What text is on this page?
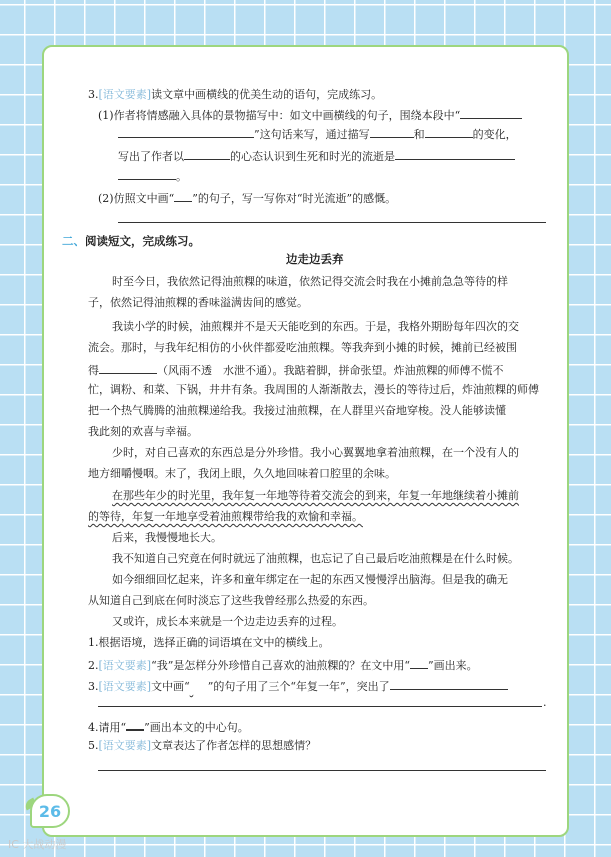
3.[语文要素]读文章中画横线的优美生动的语句，完成练习。
(1)作者将情感融入具体的景物描写中：如文中画横线的句子，围绕本段中“
”这句话来写，通过描写	和	的变化，
写出了作者以	的心态认识到生死和时光的流逝是
。
(2)仿照文中画“ ”的句子，写一写你对“时光流逝”的感慨。
二、阅读短文，完成练习。
边走边丢弃
时至今日，我依然记得油煎粿的味道，依然记得交流会时我在小摊前急急等待的样
子，依然记得油煎粿的香味溢满齿间的感觉。
我读小学的时候，油煎粿并不是天天能吃到的东西。于是，我格外期盼每年四次的交
流会。那时，与我年纪相仿的小伙伴都爱吃油煎粿。等我奔到小摊的时候，摊前已经被围
得	（风雨不透　水泄不通）。我踮着脚，拼命张望。炸油煎粿的师傅不慌不
忙，调粉、和菜、下锅，井井有条。我周围的人渐渐散去，漫长的等待过后，炸油煎粿的师傅
把一个热气腾腾的油煎粿递给我。我接过油煎粿，在人群里兴奋地穿梭。没人能够读懂
我此刻的欢喜与幸福。
少时，对自己喜欢的东西总是分外珍惜。我小心翼翼地拿着油煎粿，在一个没有人的
地方细嚼慢咽。末了，我闭上眼，久久地回味着口腔里的余味。
在那些年少的时光里，我年复一年地等待着交流会的到来，年复一年地继续着小摊前
的等待，年复一年地享受着油煎粿带给我的欢愉和幸福。
后来，我慢慢地长大。
我不知道自己究竟在何时就远了油煎粿，也忘记了自己最后吃油煎粿是在什么时候。
如今细细回忆起来，许多和童年绑定在一起的东西又慢慢浮出脑海。但是我的确无
从知道自己到底在何时淡忘了这些我曾经那么热爱的东西。
又或许，成长本来就是一个边走边丢弃的过程。
1.根据语境，选择正确的词语填在文中的横线上。
2.[语文要素]“我”是怎样分外珍惜自己喜欢的油煎粿的？在文中用“ ”画出来。
3.[语文要素]文中画“ ”的句子用了三个“年复一年”，突出了
.
4.请用“ ”画出本文的中心句。
5.[语文要素]文章表达了作者怎样的思想感情？
26
IC 大战动漫
